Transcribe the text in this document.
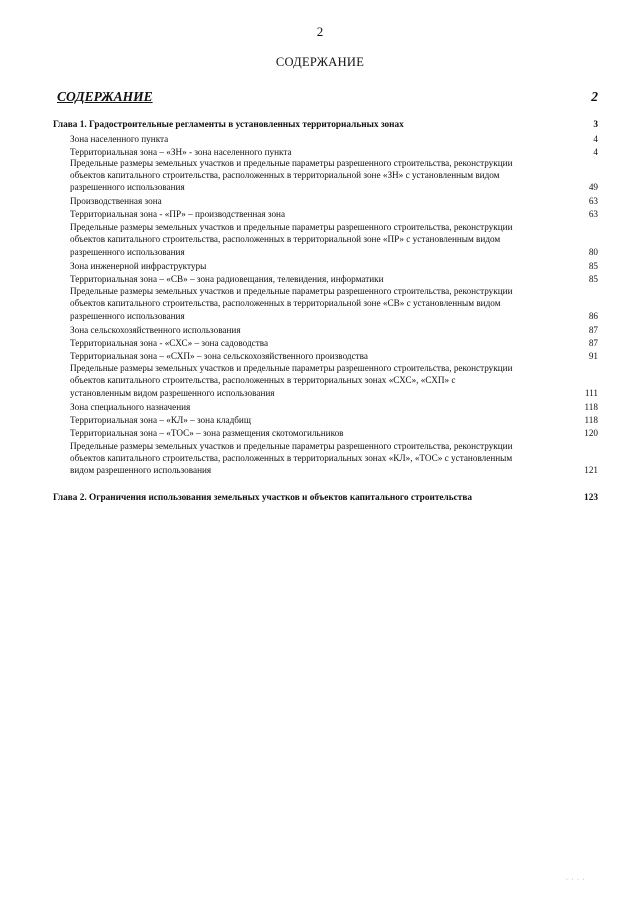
2
СОДЕРЖАНИЕ
СОДЕРЖАНИЕ	2
Глава 1. Градостроительные регламенты в установленных территориальных зонах	3
Зона населенного пункта	4
Территориальная зона – «ЗН» - зона населенного пункта	4
Предельные размеры земельных участков и предельные параметры разрешенного строительства, реконструкции
объектов капитального строительства, расположенных в территориальной зоне «ЗН» с установленным видом
разрешенного использования	49
Производственная зона	63
Территориальная зона - «ПР» – производственная зона	63
Предельные размеры земельных участков и предельные параметры разрешенного строительства, реконструкции
объектов капитального строительства, расположенных в территориальной зоне «ПР» с установленным видом
разрешенного использования	80
Зона инженерной инфраструктуры	85
Территориальная зона – «СВ» – зона радиовещания, телевидения, информатики	85
Предельные размеры земельных участков и предельные параметры разрешенного строительства, реконструкции
объектов капитального строительства, расположенных в территориальной зоне «СВ» с установленным видом
разрешенного использования	86
Зона сельскохозяйственного использования	87
Территориальная зона - «СХС» – зона садоводства	87
Территориальная зона – «СХП» – зона сельскохозяйственного производства	91
Предельные размеры земельных участков и предельные параметры разрешенного строительства, реконструкции
объектов капитального строительства, расположенных в территориальных зонах «СХС», «СХП» с
установленным видом разрешенного использования	111
Зона специального назначения	118
Территориальная зона – «КЛ» – зона кладбищ	118
Территориальная зона – «ТОС» – зона размещения скотомогильников	120
Предельные размеры земельных участков и предельные параметры разрешенного строительства, реконструкции
объектов капитального строительства, расположенных в территориальных зонах «КЛ», «ТОС» с установленным
видом разрешенного использования	121
Глава 2. Ограничения использования земельных участков и объектов капитального строительства	123
· · · ·
